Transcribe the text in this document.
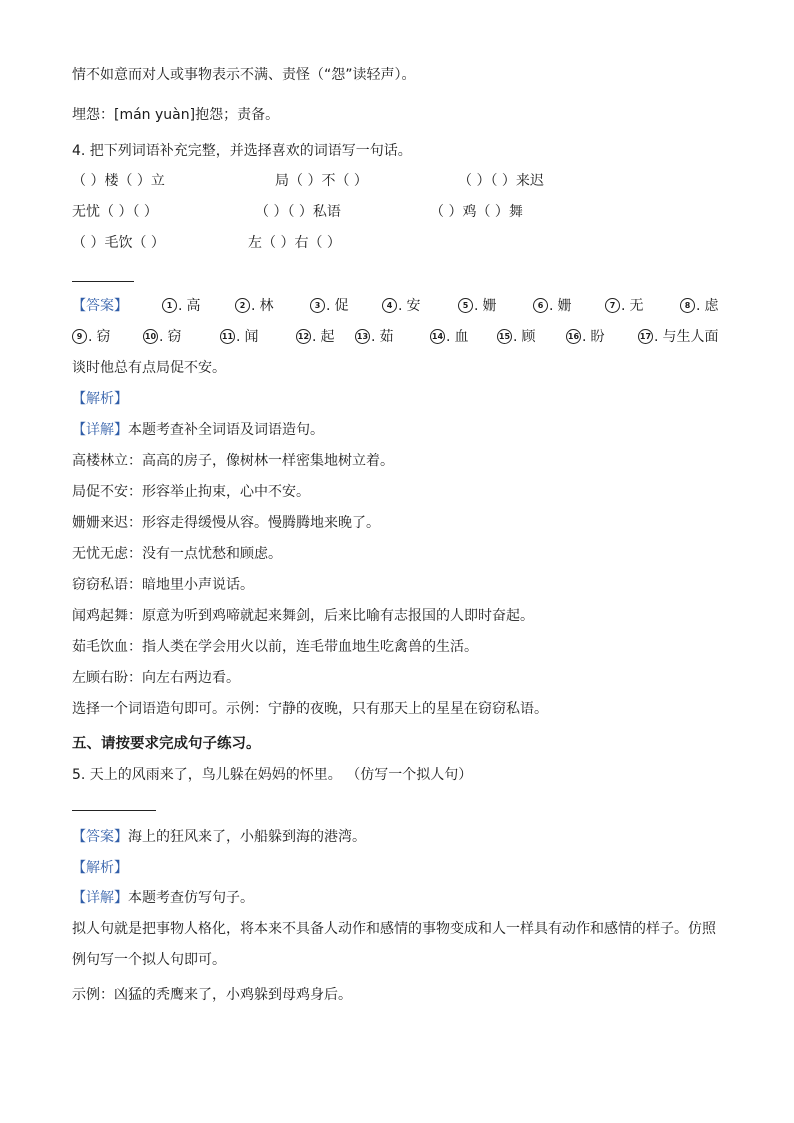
情不如意而对人或事物表示不满、责怪（“怨”读轻声）。
埋怨：[mán yuàn]抱怨；责备。
4. 把下列词语补充完整，并选择喜欢的词语写一句话。
（ ）楼（ ）立	局（ ）不（ ）	（ ）（ ）来迟
无忧（ ）（ ）	（ ）（ ）私语	（ ）鸡（ ）舞
（ ）毛饮（ ）	左（ ）右（ ）
【答案】	1 . 高	2 . 林	3 . 促	4 . 安	5 . 姗	6 . 姗	7 . 无	8 . 虑
9 . 窃	10 . 窃	11 . 闻	12 . 起	13 . 茹	14 . 血	15 . 顾	16 . 盼	17 . 与生人面
谈时他总有点局促不安。
【解析】
【详解】本题考查补全词语及词语造句。
高楼林立：高高的房子，像树林一样密集地树立着。
局促不安：形容举止拘束，心中不安。
姗姗来迟：形容走得缓慢从容。慢腾腾地来晚了。
无忧无虑：没有一点忧愁和顾虑。
窃窃私语：暗地里小声说话。
闻鸡起舞：原意为听到鸡啼就起来舞剑，后来比喻有志报国的人即时奋起。
茹毛饮血：指人类在学会用火以前，连毛带血地生吃禽兽的生活。
左顾右盼：向左右两边看。
选择一个词语造句即可。示例：宁静的夜晚，只有那天上的星星在窃窃私语。
五、请按要求完成句子练习。
5. 天上的风雨来了，鸟儿躲在妈妈的怀里。 （仿写一个拟人句）
【答案】海上的狂风来了，小船躲到海的港湾。
【解析】
【详解】本题考查仿写句子。
拟人句就是把事物人格化，将本来不具备人动作和感情的事物变成和人一样具有动作和感情的样子。仿照
例句写一个拟人句即可。
示例：凶猛的秃鹰来了，小鸡躲到母鸡身后。
